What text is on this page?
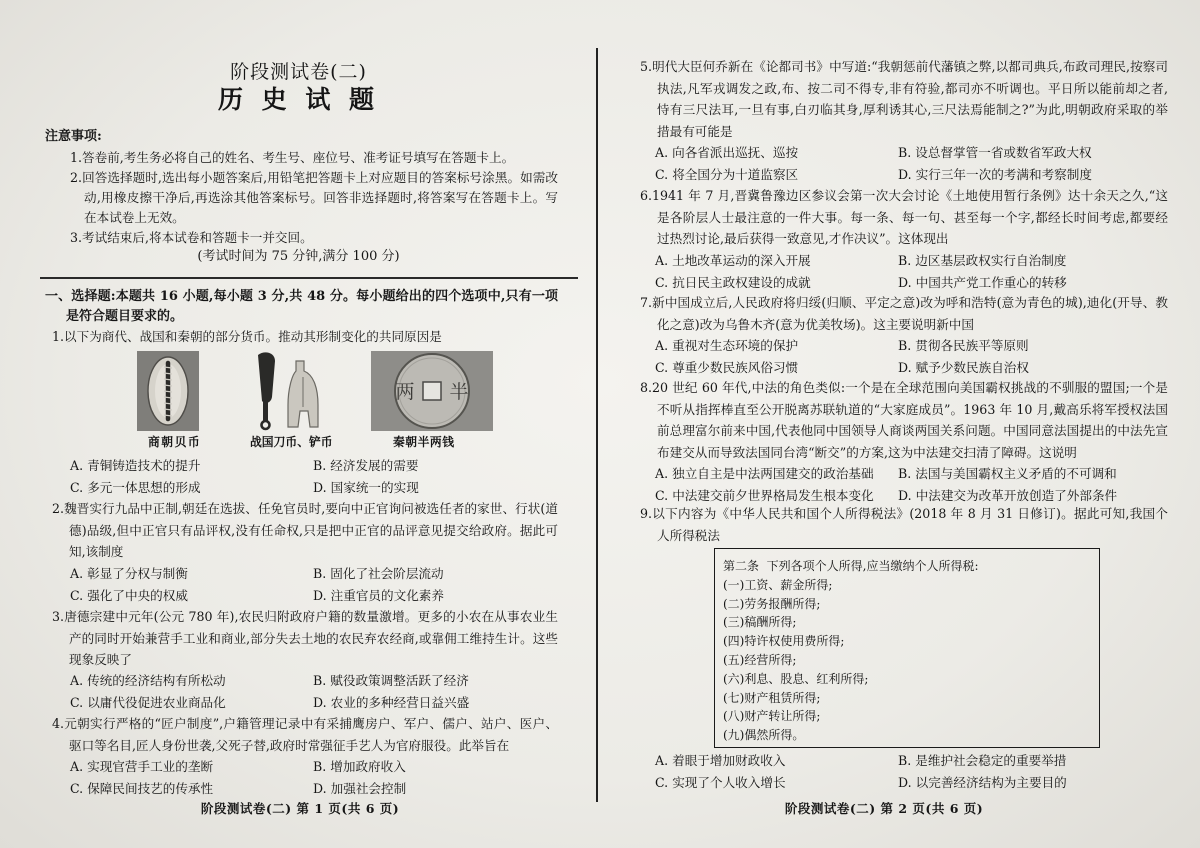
阶段测试卷(二)
历 史 试 题
注意事项:
1.答卷前,考生务必将自己的姓名、考生号、座位号、准考证号填写在答题卡上。
2.回答选择题时,选出每小题答案后,用铅笔把答题卡上对应题目的答案标号涂黑。如需改动,用橡皮擦干净后,再选涂其他答案标号。回答非选择题时,将答案写在答题卡上。写在本试卷上无效。
3.考试结束后,将本试卷和答题卡一并交回。
(考试时间为 75 分钟,满分 100 分)
一、选择题:本题共 16 小题,每小题 3 分,共 48 分。每小题给出的四个选项中,只有一项是符合题目要求的。
1.以下为商代、战国和秦朝的部分货币。推动其形制变化的共同原因是
两 半
商朝贝币	战国刀币、铲币	秦朝半两钱
A. 青铜铸造技术的提升	B. 经济发展的需要
C. 多元一体思想的形成	D. 国家统一的实现
2.魏晋实行九品中正制,朝廷在选拔、任免官员时,要向中正官询问被选任者的家世、行状(道德)品级,但中正官只有品评权,没有任命权,只是把中正官的品评意见提交给政府。据此可知,该制度
A. 彰显了分权与制衡	B. 固化了社会阶层流动
C. 强化了中央的权威	D. 注重官员的文化素养
3.唐德宗建中元年(公元 780 年),农民归附政府户籍的数量激增。更多的小农在从事农业生产的同时开始兼营手工业和商业,部分失去土地的农民弃农经商,或靠佣工维持生计。这些现象反映了
A. 传统的经济结构有所松动	B. 赋役政策调整活跃了经济
C. 以庸代役促进农业商品化	D. 农业的多种经营日益兴盛
4.元朝实行严格的“匠户制度”,户籍管理记录中有采捕鹰房户、军户、儒户、站户、医户、驱口等名目,匠人身份世袭,父死子替,政府时常强征手艺人为官府服役。此举旨在
A. 实现官营手工业的垄断	B. 增加政府收入
C. 保障民间技艺的传承性	D. 加强社会控制
阶段测试卷(二) 第 1 页(共 6 页)
5.明代大臣何乔新在《论都司书》中写道:“我朝惩前代藩镇之弊,以都司典兵,布政司理民,按察司执法,凡军戎调发之政,布、按二司不得专,非有符验,都司亦不听调也。平日所以能前却之者,恃有三尺法耳,一旦有事,白刃临其身,厚利诱其心,三尺法焉能制之?”为此,明朝政府采取的举措最有可能是
A. 向各省派出巡抚、巡按	B. 设总督掌管一省或数省军政大权
C. 将全国分为十道监察区	D. 实行三年一次的考满和考察制度
6.1941 年 7 月,晋冀鲁豫边区参议会第一次大会讨论《土地使用暂行条例》达十余天之久,“这是各阶层人士最注意的一件大事。每一条、每一句、甚至每一个字,都经长时间考虑,都要经过热烈讨论,最后获得一致意见,才作决议”。这体现出
A. 土地改革运动的深入开展	B. 边区基层政权实行自治制度
C. 抗日民主政权建设的成就	D. 中国共产党工作重心的转移
7.新中国成立后,人民政府将归绥(归顺、平定之意)改为呼和浩特(意为青色的城),迪化(开导、教化之意)改为乌鲁木齐(意为优美牧场)。这主要说明新中国
A. 重视对生态环境的保护	B. 贯彻各民族平等原则
C. 尊重少数民族风俗习惯	D. 赋予少数民族自治权
8.20 世纪 60 年代,中法的角色类似:一个是在全球范围向美国霸权挑战的不驯服的盟国;一个是不听从指挥棒直至公开脱离苏联轨道的“大家庭成员”。1963 年 10 月,戴高乐将军授权法国前总理富尔前来中国,代表他同中国领导人商谈两国关系问题。中国同意法国提出的中法先宣布建交从而导致法国同台湾“断交”的方案,这为中法建交扫清了障碍。这说明
A. 独立自主是中法两国建交的政治基础	B. 法国与美国霸权主义矛盾的不可调和
C. 中法建交前夕世界格局发生根本变化	D. 中法建交为改革开放创造了外部条件
9.以下内容为《中华人民共和国个人所得税法》(2018 年 8 月 31 日修订)。据此可知,我国个人所得税法
第二条  下列各项个人所得,应当缴纳个人所得税:
(一)工资、薪金所得;
(二)劳务报酬所得;
(三)稿酬所得;
(四)特许权使用费所得;
(五)经营所得;
(六)利息、股息、红利所得;
(七)财产租赁所得;
(八)财产转让所得;
(九)偶然所得。
A. 着眼于增加财政收入	B. 是维护社会稳定的重要举措
C. 实现了个人收入增长	D. 以完善经济结构为主要目的
阶段测试卷(二) 第 2 页(共 6 页)
